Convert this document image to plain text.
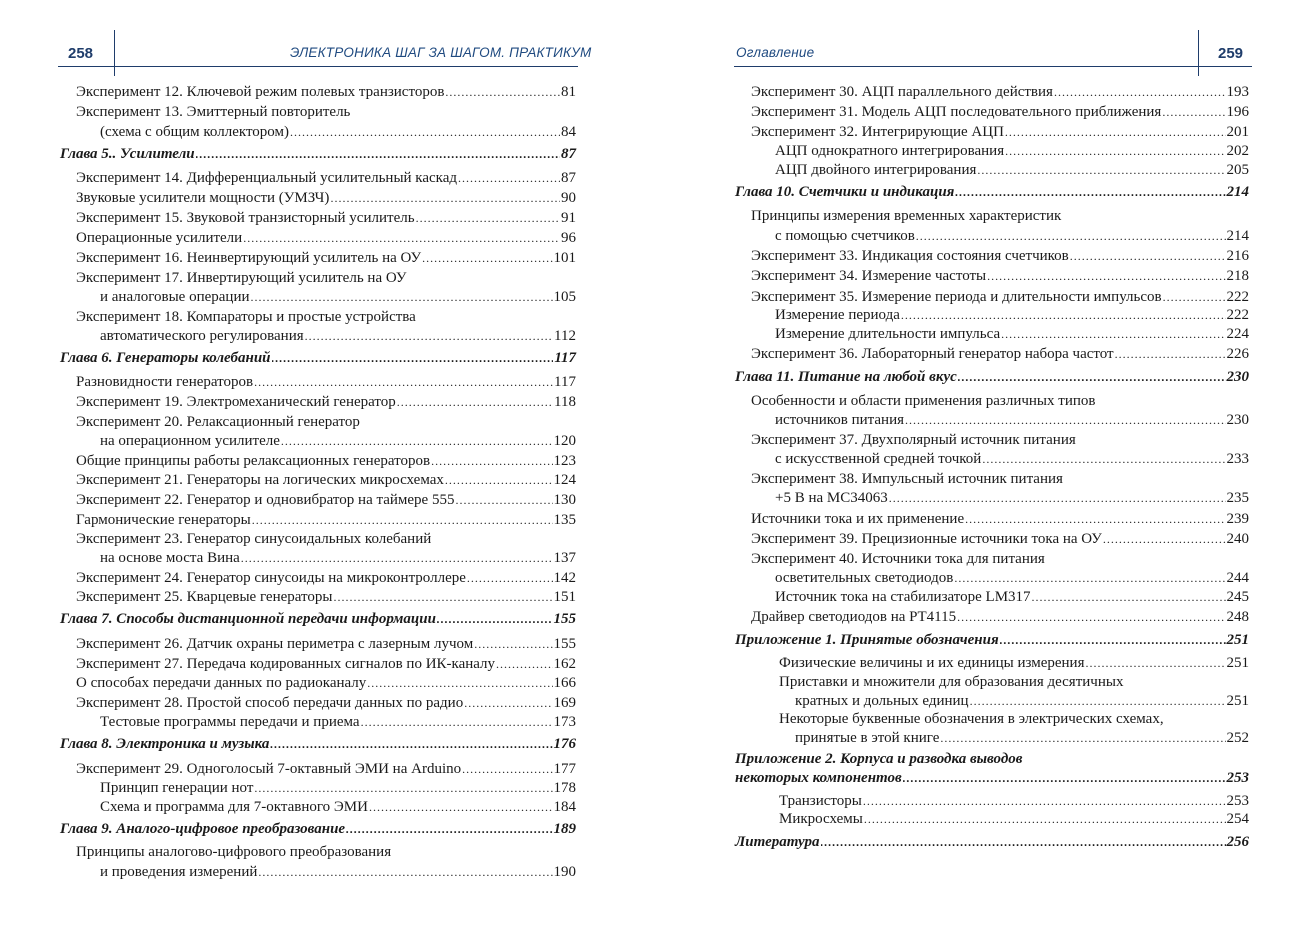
258	ЭЛЕКТРОНИКА ШАГ ЗА ШАГОМ. ПРАКТИКУМ
Эксперимент 12. Ключевой режим полевых транзисторов .....	81
Эксперимент 13. Эмиттерный повторитель
(схема с общим коллектором) .....	84
Глава 5.. Усилители .....	87
Эксперимент 14. Дифференциальный усилительный каскад .....	87
Звуковые усилители мощности (УМЗЧ) .....	90
Эксперимент 15. Звуковой транзисторный усилитель .....	91
Операционные усилители .....	96
Эксперимент 16. Неинвертирующий усилитель на ОУ .....	101
Эксперимент 17. Инвертирующий усилитель на ОУ
и аналоговые операции .....	105
Эксперимент 18. Компараторы и простые устройства
автоматического регулирования .....	112
Глава 6. Генераторы колебаний .....	117
Разновидности генераторов .....	117
Эксперимент 19. Электромеханический генератор .....	118
Эксперимент 20. Релаксационный генератор
на операционном усилителе .....	120
Общие принципы работы релаксационных генераторов .....	123
Эксперимент 21. Генераторы на логических микросхемах .....	124
Эксперимент 22. Генератор и одновибратор на таймере 555 .....	130
Гармонические генераторы .....	135
Эксперимент 23. Генератор синусоидальных колебаний
на основе моста Вина .....	137
Эксперимент 24. Генератор синусоиды на микроконтроллере .....	142
Эксперимент 25. Кварцевые генераторы .....	151
Глава 7. Способы дистанционной передачи информации .....	155
Эксперимент 26. Датчик охраны периметра с лазерным лучом .....	155
Эксперимент 27. Передача кодированных сигналов по ИК-каналу .....	162
О способах передачи данных по радиоканалу .....	166
Эксперимент 28. Простой способ передачи данных по радио .....	169
Тестовые программы передачи и приема .....	173
Глава 8. Электроника и музыка .....	176
Эксперимент 29. Одноголосый 7-октавный ЭМИ на Arduino .....	177
Принцип генерации нот .....	178
Схема и программа для 7-октавного ЭМИ .....	184
Глава 9. Аналого-цифровое преобразование .....	189
Принципы аналогово-цифрового преобразования
и проведения измерений .....	190
Оглавление	259
Эксперимент 30. АЦП параллельного действия .....	193
Эксперимент 31. Модель АЦП последовательного приближения .....	196
Эксперимент 32. Интегрирующие АЦП .....	201
АЦП однократного интегрирования .....	202
АЦП двойного интегрирования .....	205
Глава 10. Счетчики и индикация .....	214
Принципы измерения временных характеристик
с помощью счетчиков .....	214
Эксперимент 33. Индикация состояния счетчиков .....	216
Эксперимент 34. Измерение частоты .....	218
Эксперимент 35. Измерение периода и длительности импульсов .....	222
Измерение периода .....	222
Измерение длительности импульса .....	224
Эксперимент 36. Лабораторный генератор набора частот .....	226
Глава 11. Питание на любой вкус .....	230
Особенности и области применения различных типов
источников питания .....	230
Эксперимент 37. Двухполярный источник питания
с искусственной средней точкой .....	233
Эксперимент 38. Импульсный источник питания
+5 В на MC34063 .....	235
Источники тока и их применение .....	239
Эксперимент 39. Прецизионные источники тока на ОУ .....	240
Эксперимент 40. Источники тока для питания
осветительных светодиодов .....	244
Источник тока на стабилизаторе LM317 .....	245
Драйвер светодиодов на PT4115 .....	248
Приложение 1. Принятые обозначения .....	251
Физические величины и их единицы измерения .....	251
Приставки и множители для образования десятичных
кратных и дольных единиц .....	251
Некоторые буквенные обозначения в электрических схемах,
принятые в этой книге .....	252
Приложение 2. Корпуса и разводка выводов
некоторых компонентов .....	253
Транзисторы .....	253
Микросхемы .....	254
Литература .....	256
